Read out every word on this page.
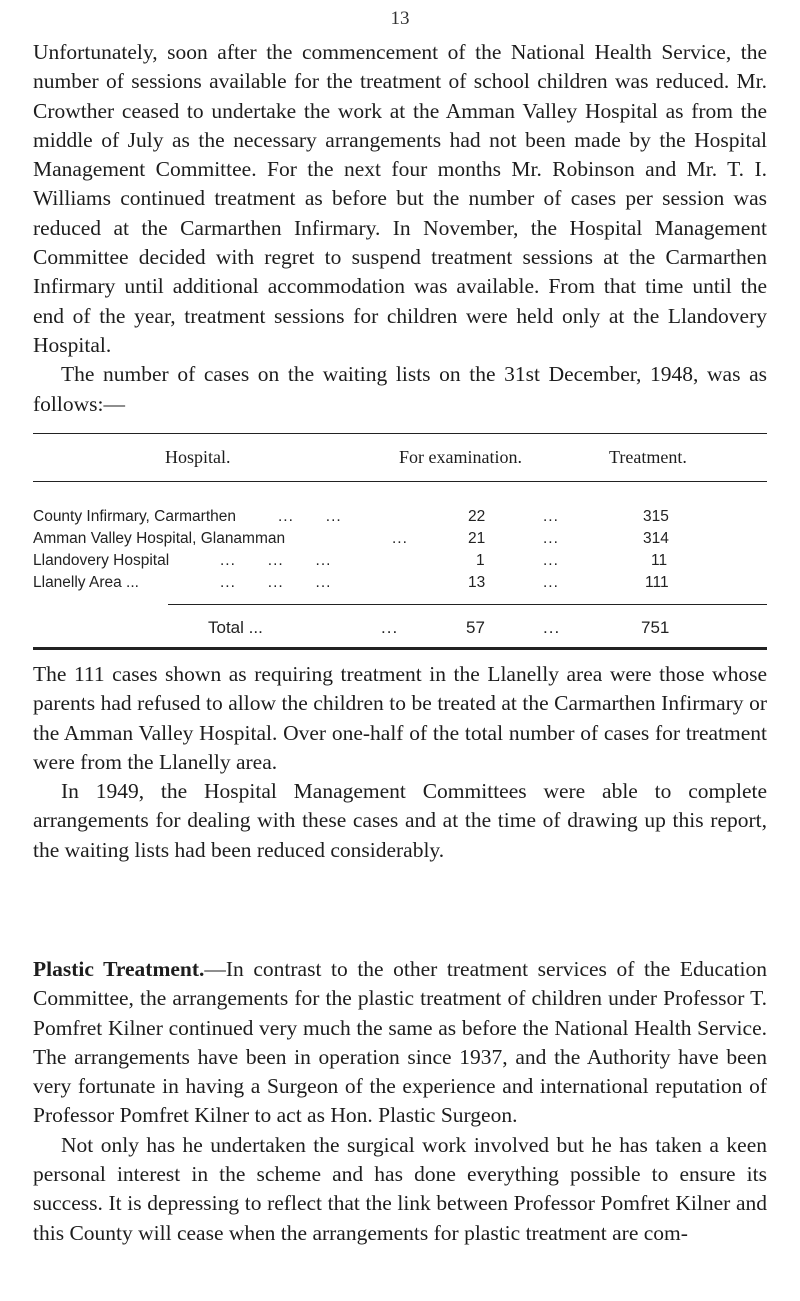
13

Unfortunately, soon after the commencement of the National Health Service, the number of sessions available for the treatment of school children was reduced. Mr. Crowther ceased to undertake the work at the Amman Valley Hospital as from the middle of July as the necessary arrangements had not been made by the Hospital Management Committee. For the next four months Mr. Robinson and Mr. T. I. Williams continued treatment as before but the number of cases per session was reduced at the Carmarthen Infirmary. In November, the Hospital Management Committee decided with regret to suspend treatment sessions at the Carmarthen Infirmary until additional accommodation was available. From that time until the end of the year, treatment sessions for children were held only at the Llandovery Hospital.

The number of cases on the waiting lists on the 31st December, 1948, was as follows:—

Hospital.	For examination.	Treatment.
County Infirmary, Carmarthen	...      ...	22	...	315
Amman Valley Hospital, Glanamman	...	21	...	314
Llandovery Hospital	...      ...      ...	1	...	11
Llanelly Area ...	...      ...      ...	13	...	111
Total ...	...	57	...	751

The 111 cases shown as requiring treatment in the Llanelly area were those whose parents had refused to allow the children to be treated at the Carmarthen Infirmary or the Amman Valley Hospital. Over one-half of the total number of cases for treatment were from the Llanelly area.

In 1949, the Hospital Management Committees were able to complete arrangements for dealing with these cases and at the time of drawing up this report, the waiting lists had been reduced considerably.

Plastic Treatment.—In contrast to the other treatment services of the Education Committee, the arrangements for the plastic treatment of children under Professor T. Pomfret Kilner continued very much the same as before the National Health Service. The arrangements have been in operation since 1937, and the Authority have been very fortunate in having a Surgeon of the experience and international reputation of Professor Pomfret Kilner to act as Hon. Plastic Surgeon.

Not only has he undertaken the surgical work involved but he has taken a keen personal interest in the scheme and has done everything possible to ensure its success. It is depressing to reflect that the link between Professor Pomfret Kilner and this County will cease when the arrangements for plastic treatment are com-
